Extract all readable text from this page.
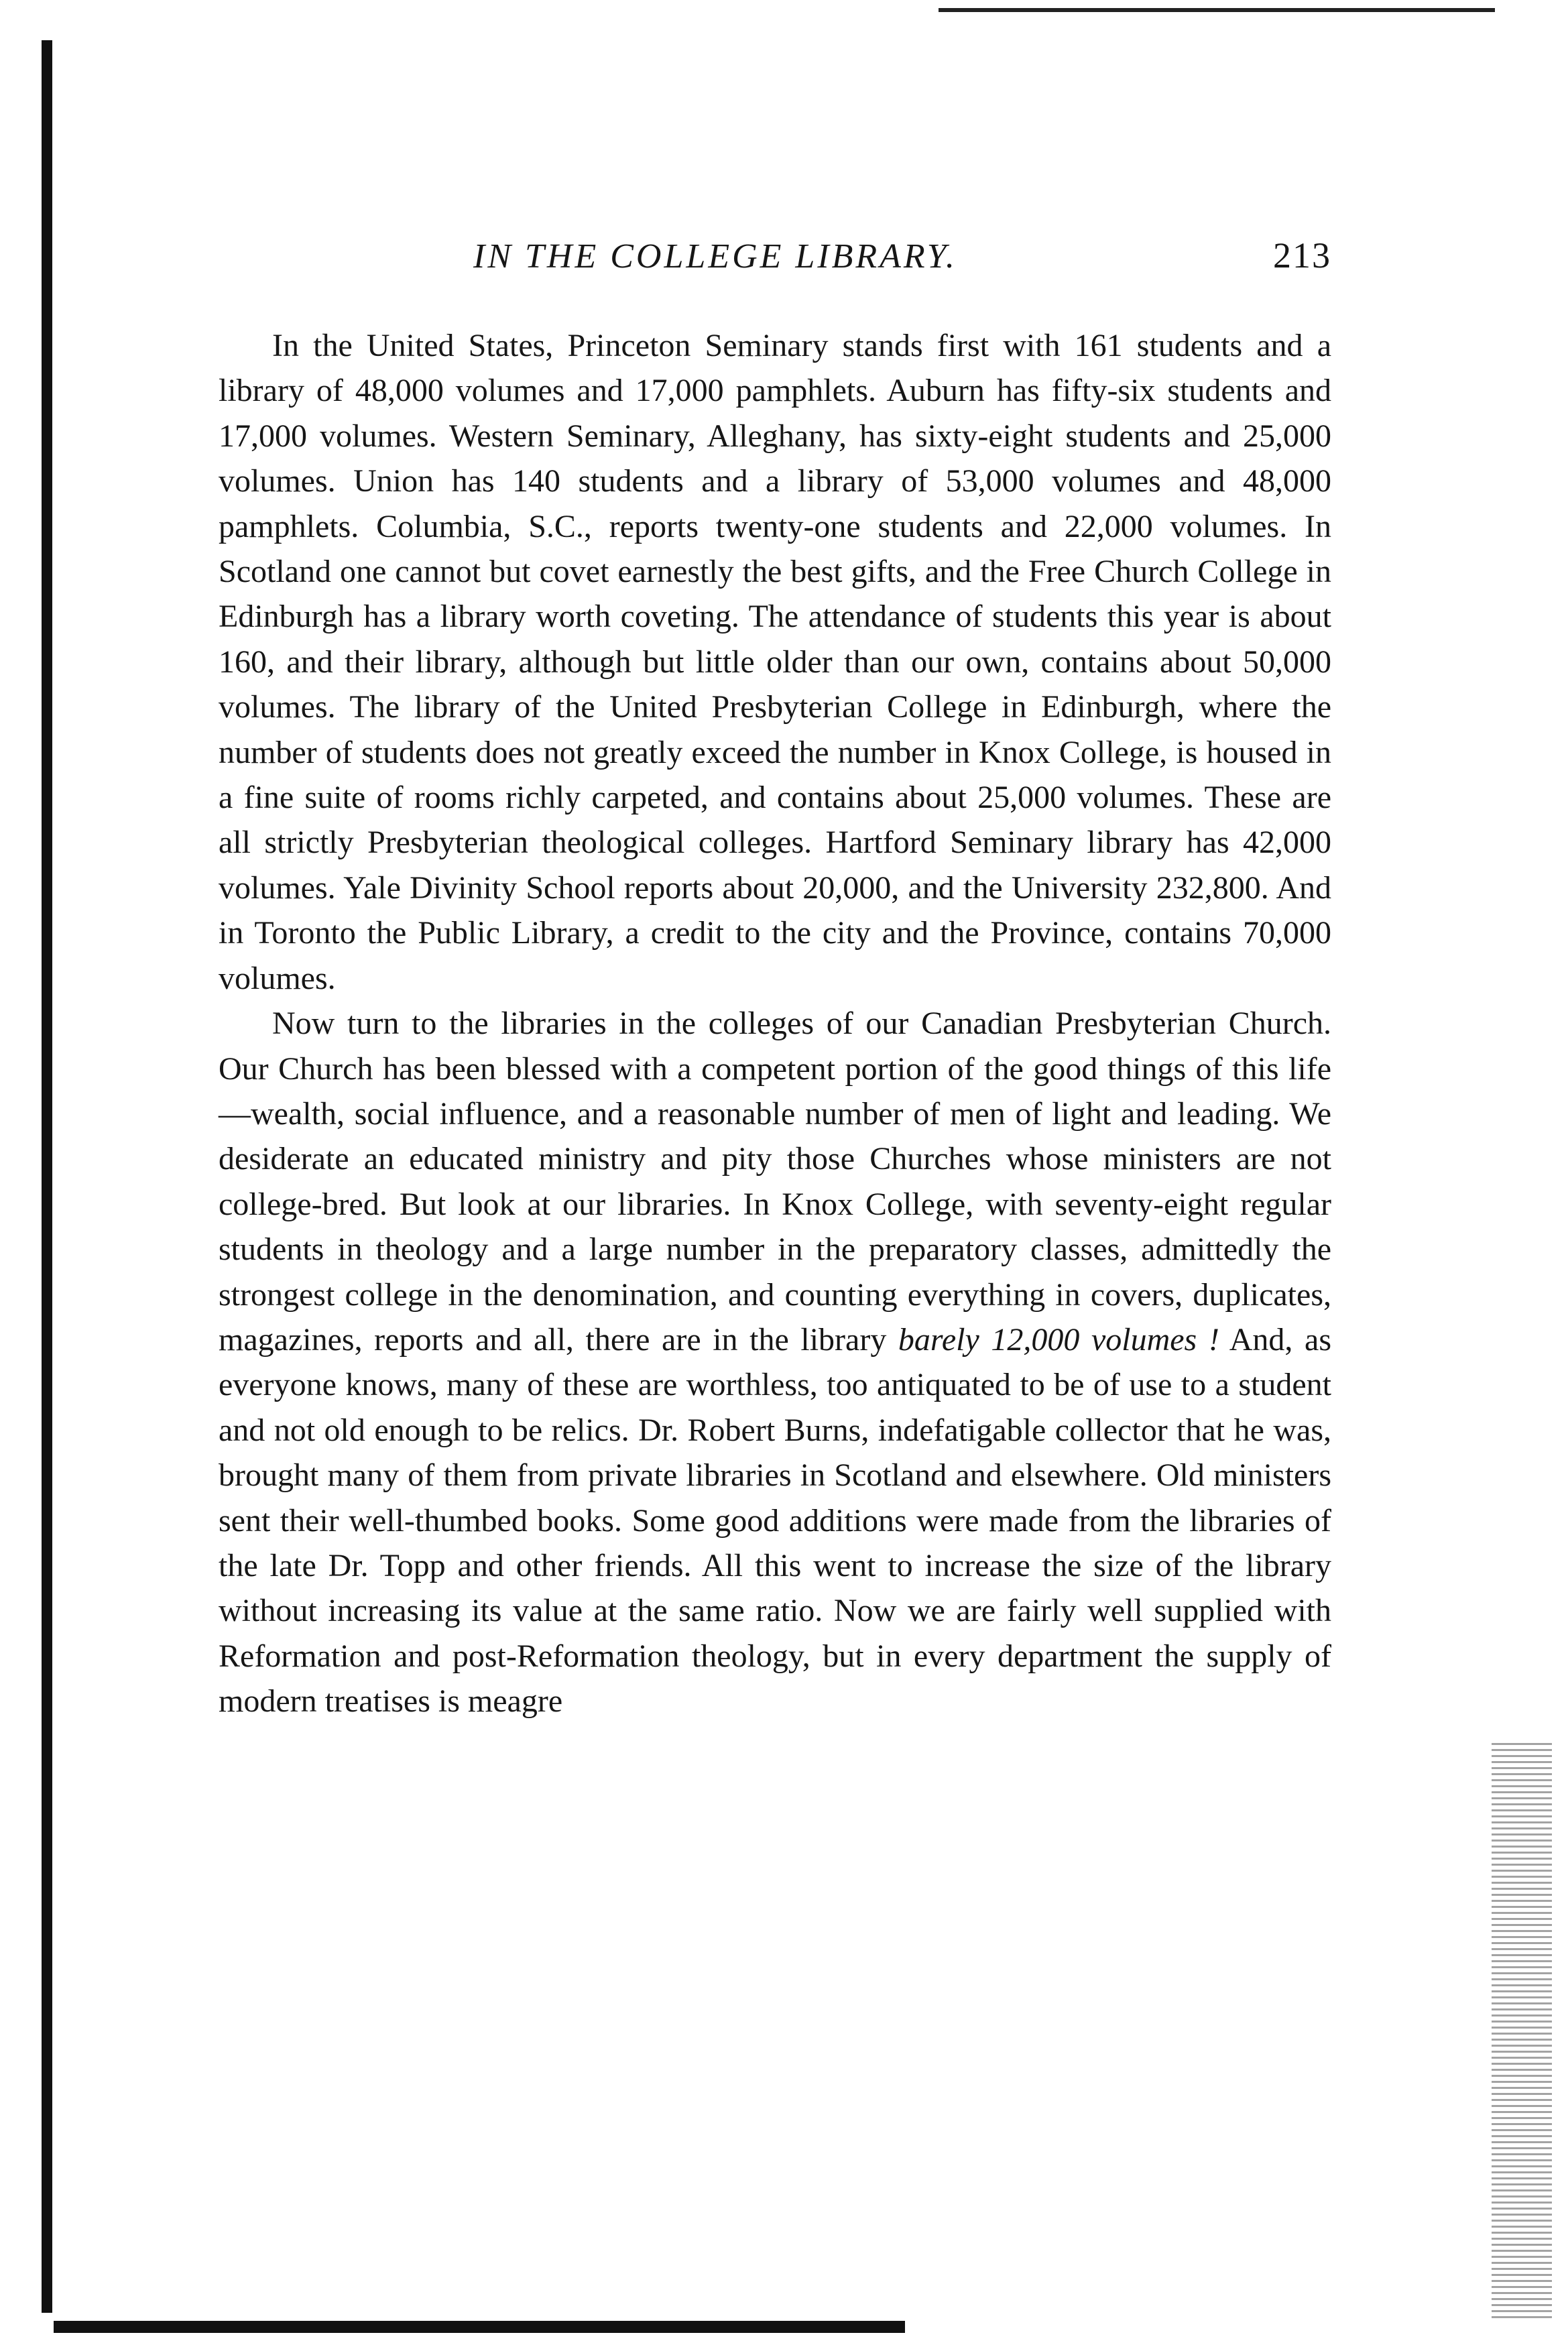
IN THE COLLEGE LIBRARY.	213

In the United States, Princeton Seminary stands first with 161 students and a library of 48,000 volumes and 17,000 pamphlets. Auburn has fifty-six students and 17,000 volumes. Western Seminary, Alleghany, has sixty-eight students and 25,000 volumes. Union has 140 students and a library of 53,000 volumes and 48,000 pamphlets. Columbia, S.C., reports twenty-one students and 22,000 volumes. In Scotland one cannot but covet earnestly the best gifts, and the Free Church College in Edinburgh has a library worth coveting. The attendance of students this year is about 160, and their library, although but little older than our own, contains about 50,000 volumes. The library of the United Presbyterian College in Edinburgh, where the number of students does not greatly exceed the number in Knox College, is housed in a fine suite of rooms richly carpeted, and contains about 25,000 volumes. These are all strictly Presbyterian theological colleges. Hartford Seminary library has 42,000 volumes. Yale Divinity School reports about 20,000, and the University 232,800. And in Toronto the Public Library, a credit to the city and the Province, contains 70,000 volumes.

Now turn to the libraries in the colleges of our Canadian Presbyterian Church. Our Church has been blessed with a competent portion of the good things of this life—wealth, social influence, and a reasonable number of men of light and leading. We desiderate an educated ministry and pity those Churches whose ministers are not college-bred. But look at our libraries. In Knox College, with seventy-eight regular students in theology and a large number in the preparatory classes, admittedly the strongest college in the denomination, and counting everything in covers, duplicates, magazines, reports and all, there are in the library barely 12,000 volumes ! And, as everyone knows, many of these are worthless, too antiquated to be of use to a student and not old enough to be relics. Dr. Robert Burns, indefatigable collector that he was, brought many of them from private libraries in Scotland and elsewhere. Old ministers sent their well-thumbed books. Some good additions were made from the libraries of the late Dr. Topp and other friends. All this went to increase the size of the library without increasing its value at the same ratio. Now we are fairly well supplied with Reformation and post-Reformation theology, but in every department the supply of modern treatises is meagre
